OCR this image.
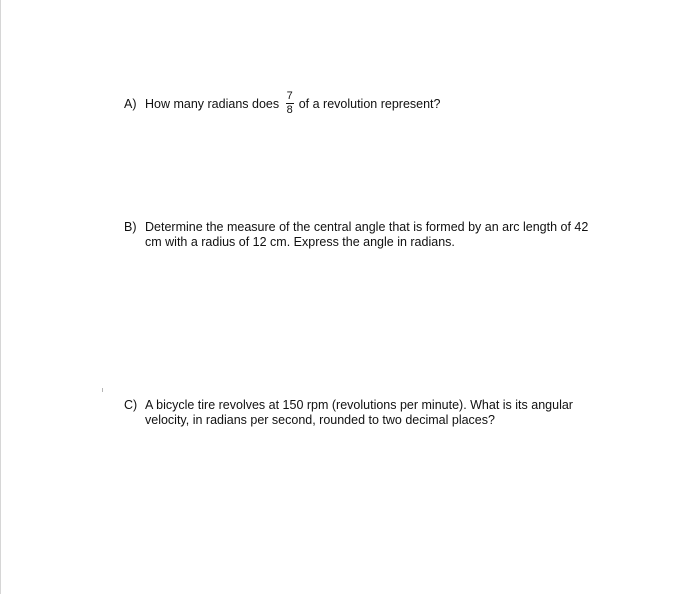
A) How many radians does $\frac{7}{8}$ of a revolution represent?
B) Determine the measure of the central angle that is formed by an arc length of 42
cm with a radius of 12 cm. Express the angle in radians.
C) A bicycle tire revolves at 150 rpm (revolutions per minute). What is its angular
velocity, in radians per second, rounded to two decimal places?
